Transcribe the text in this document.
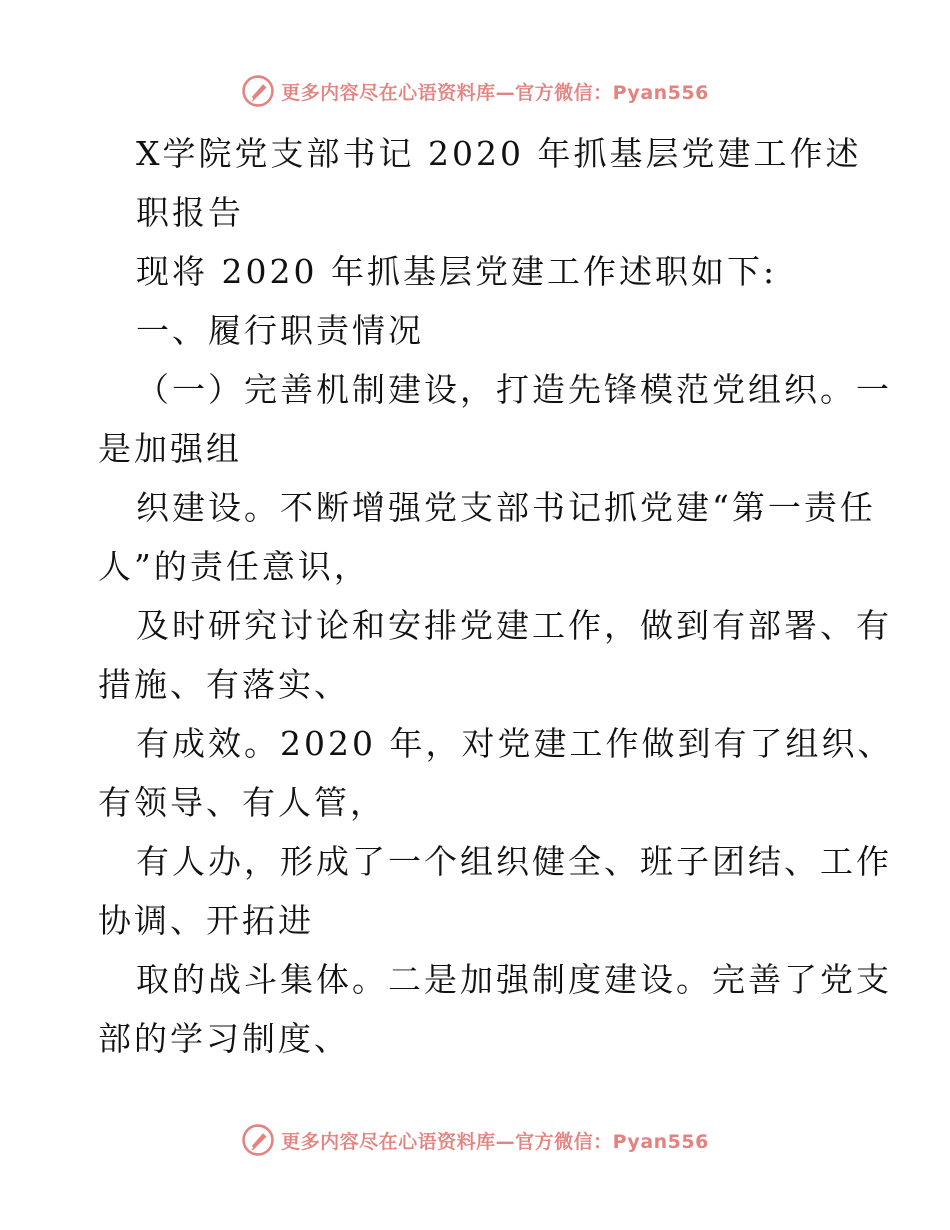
更多内容尽在心语资料库—官方微信：Pyan556
X学院党支部书记 2020 年抓基层党建工作述
职报告
现将 2020 年抓基层党建工作述职如下:
一、履行职责情况
（一）完善机制建设，打造先锋模范党组织。一
是加强组
织建设。不断增强党支部书记抓党建“第一责任
人”的责任意识，
及时研究讨论和安排党建工作，做到有部署、有
措施、有落实、
有成效。2020 年，对党建工作做到有了组织、
有领导、有人管，
有人办，形成了一个组织健全、班子团结、工作
协调、开拓进
取的战斗集体。二是加强制度建设。完善了党支
部的学习制度、
更多内容尽在心语资料库—官方微信：Pyan556
